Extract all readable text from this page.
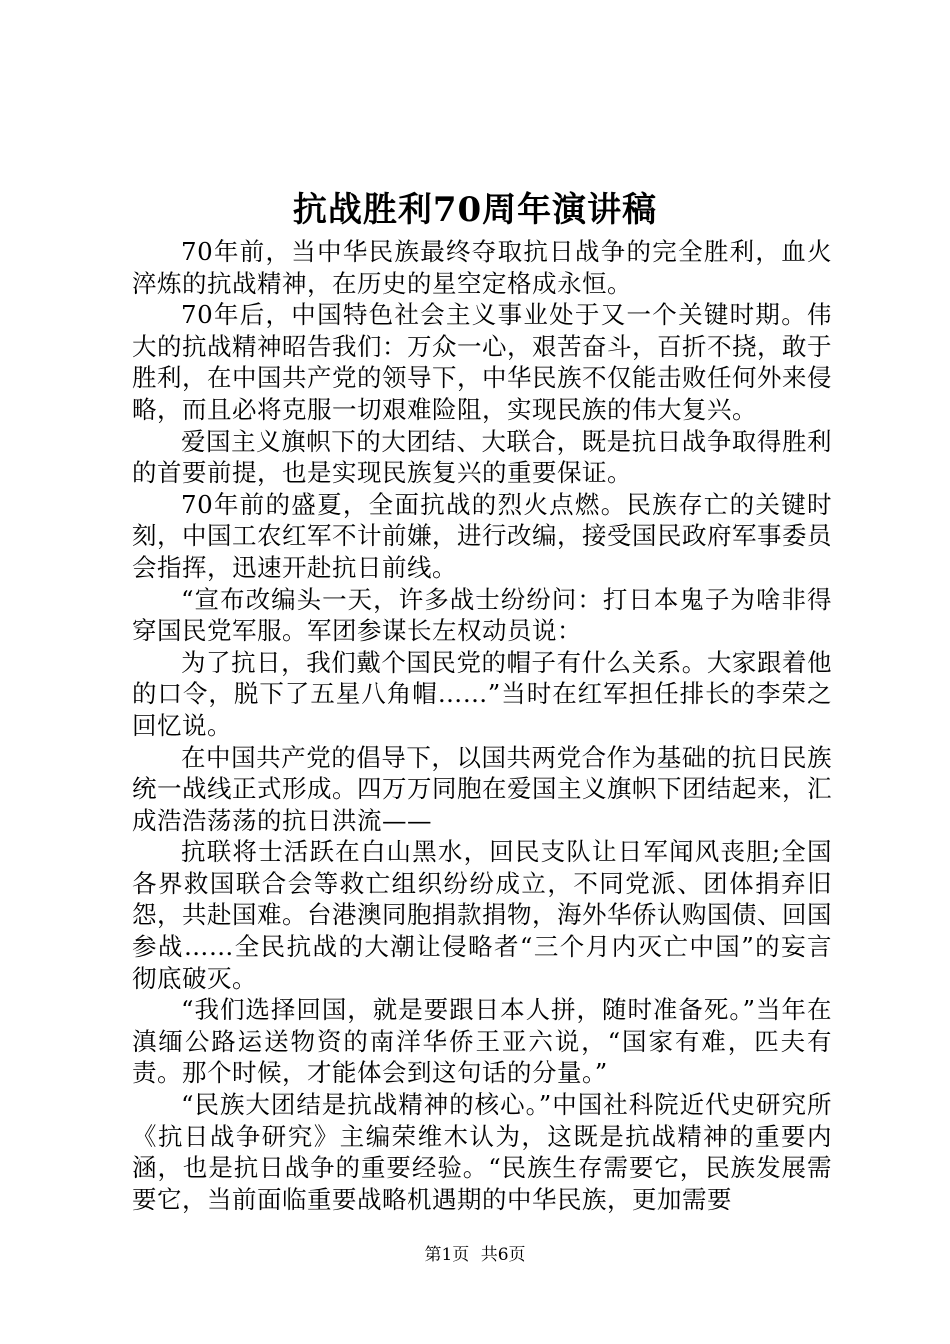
抗战胜利70周年演讲稿

70年前，当中华民族最终夺取抗日战争的完全胜利，血火淬炼的抗战精神，在历史的星空定格成永恒。

70年后，中国特色社会主义事业处于又一个关键时期。伟大的抗战精神昭告我们：万众一心，艰苦奋斗，百折不挠，敢于胜利，在中国共产党的领导下，中华民族不仅能击败任何外来侵略，而且必将克服一切艰难险阻，实现民族的伟大复兴。

爱国主义旗帜下的大团结、大联合，既是抗日战争取得胜利的首要前提，也是实现民族复兴的重要保证。

70年前的盛夏，全面抗战的烈火点燃。民族存亡的关键时刻，中国工农红军不计前嫌，进行改编，接受国民政府军事委员会指挥，迅速开赴抗日前线。

“宣布改编头一天，许多战士纷纷问：打日本鬼子为啥非得穿国民党军服。军团参谋长左权动员说：

为了抗日，我们戴个国民党的帽子有什么关系。大家跟着他的口令，脱下了五星八角帽……”当时在红军担任排长的李荣之回忆说。

在中国共产党的倡导下，以国共两党合作为基础的抗日民族统一战线正式形成。四万万同胞在爱国主义旗帜下团结起来，汇成浩浩荡荡的抗日洪流——

抗联将士活跃在白山黑水，回民支队让日军闻风丧胆;全国各界救国联合会等救亡组织纷纷成立，不同党派、团体捐弃旧怨，共赴国难。台港澳同胞捐款捐物，海外华侨认购国债、回国参战……全民抗战的大潮让侵略者“三个月内灭亡中国”的妄言彻底破灭。

“我们选择回国，就是要跟日本人拼，随时准备死。”当年在滇缅公路运送物资的南洋华侨王亚六说，“国家有难，匹夫有责。那个时候，才能体会到这句话的分量。”

“民族大团结是抗战精神的核心。”中国社科院近代史研究所《抗日战争研究》主编荣维木认为，这既是抗战精神的重要内涵，也是抗日战争的重要经验。“民族生存需要它，民族发展需要它，当前面临重要战略机遇期的中华民族，更加需要

第1页 共6页
